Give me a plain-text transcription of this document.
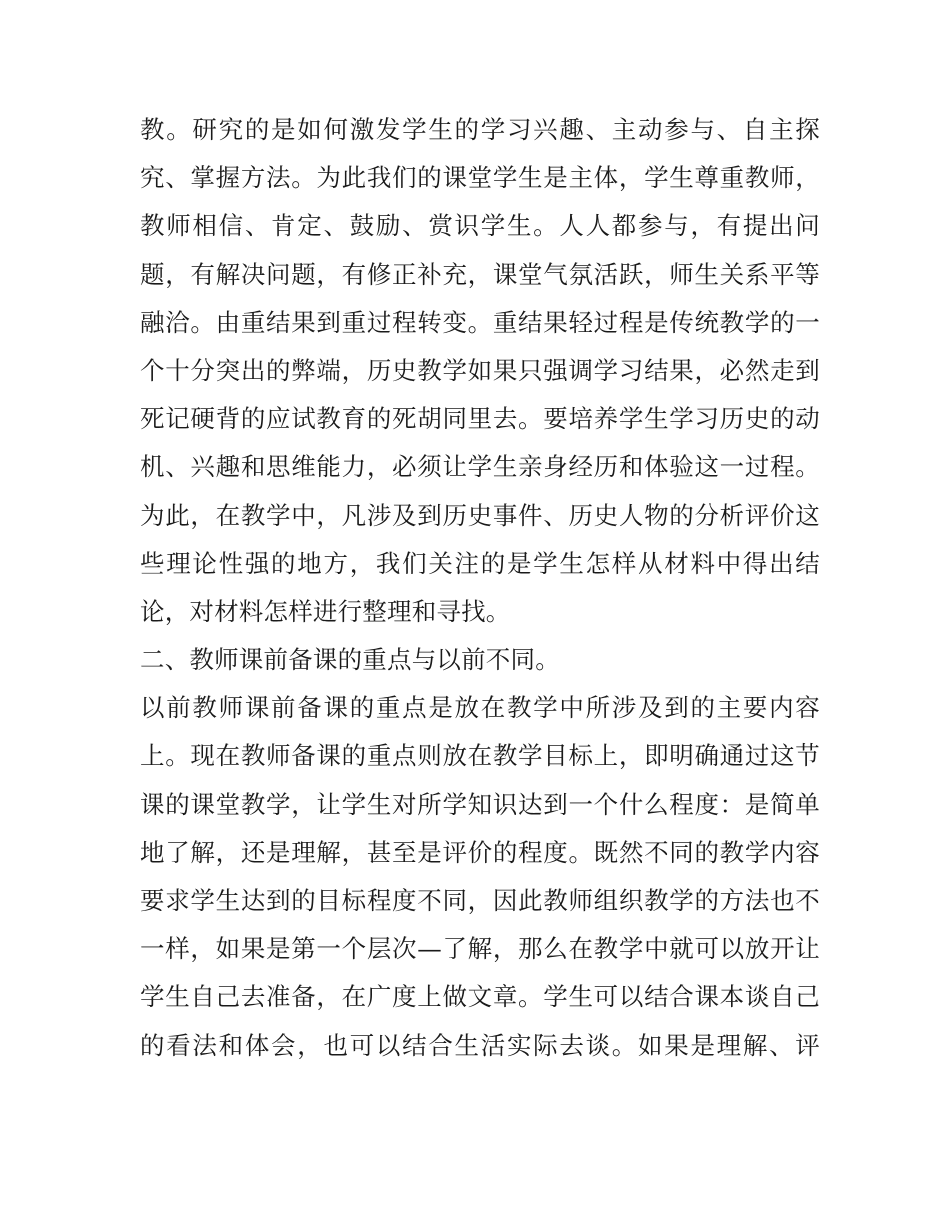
教。研究的是如何激发学生的学习兴趣、主动参与、自主探
究、掌握方法。为此我们的课堂学生是主体，学生尊重教师，
教师相信、肯定、鼓励、赏识学生。人人都参与，有提出问
题，有解决问题，有修正补充，课堂气氛活跃，师生关系平等
融洽。由重结果到重过程转变。重结果轻过程是传统教学的一
个十分突出的弊端，历史教学如果只强调学习结果，必然走到
死记硬背的应试教育的死胡同里去。要培养学生学习历史的动
机、兴趣和思维能力，必须让学生亲身经历和体验这一过程。
为此，在教学中，凡涉及到历史事件、历史人物的分析评价这
些理论性强的地方，我们关注的是学生怎样从材料中得出结
论，对材料怎样进行整理和寻找。
二、教师课前备课的重点与以前不同。
以前教师课前备课的重点是放在教学中所涉及到的主要内容
上。现在教师备课的重点则放在教学目标上，即明确通过这节
课的课堂教学，让学生对所学知识达到一个什么程度：是简单
地了解，还是理解，甚至是评价的程度。既然不同的教学内容
要求学生达到的目标程度不同，因此教师组织教学的方法也不
一样，如果是第一个层次—了解，那么在教学中就可以放开让
学生自己去准备，在广度上做文章。学生可以结合课本谈自己
的看法和体会，也可以结合生活实际去谈。如果是理解、评
